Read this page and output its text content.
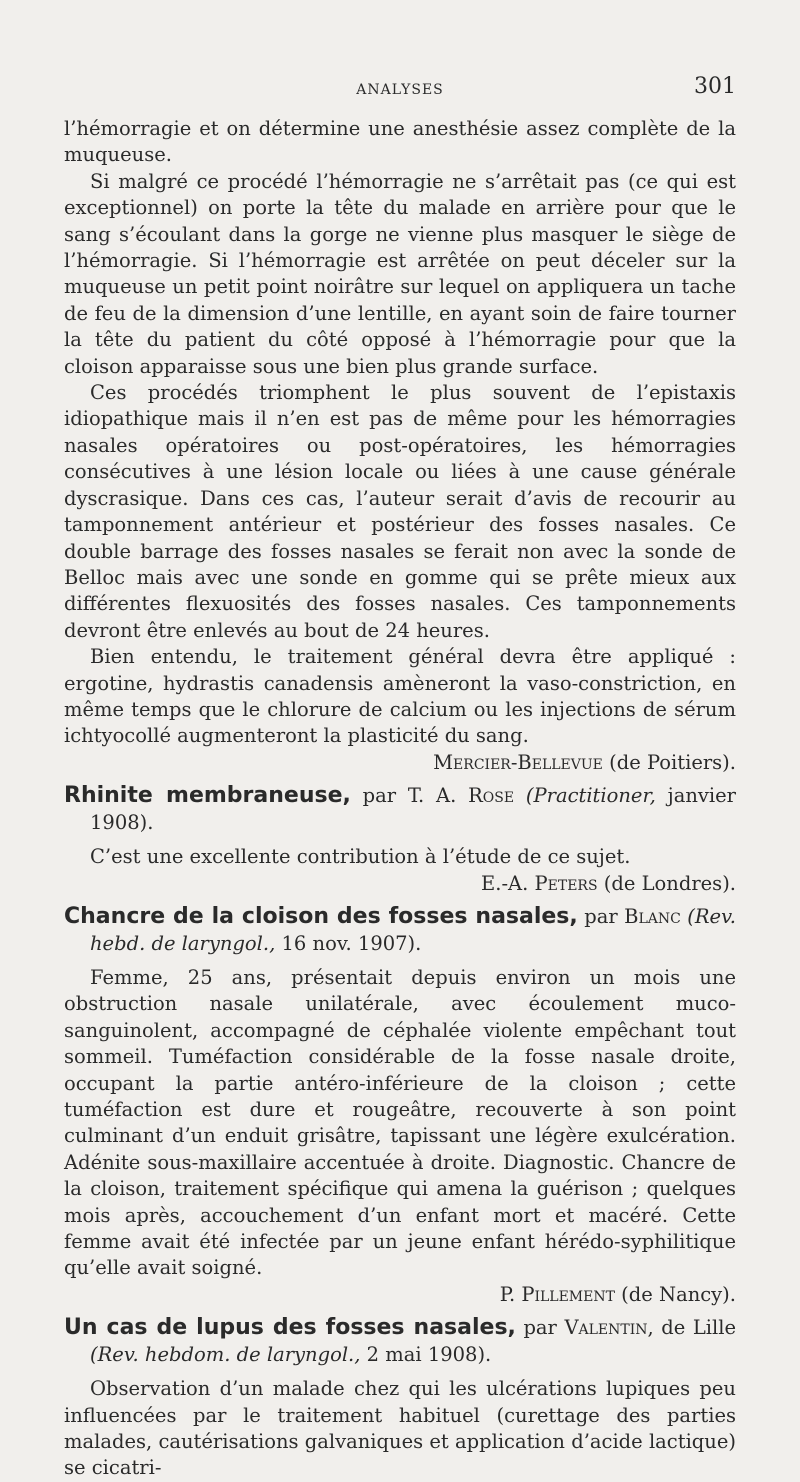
ANALYSES	301

l’hémorragie et on détermine une anesthésie assez complète de la muqueuse.

Si malgré ce procédé l’hémorragie ne s’arrêtait pas (ce qui est exceptionnel) on porte la tête du malade en arrière pour que le sang s’écoulant dans la gorge ne vienne plus masquer le siège de l’hémorragie. Si l’hémorragie est arrêtée on peut déceler sur la muqueuse un petit point noirâtre sur lequel on appliquera un tache de feu de la dimension d’une lentille, en ayant soin de faire tourner la tête du patient du côté opposé à l’hémorragie pour que la cloison apparaisse sous une bien plus grande surface.

Ces procédés triomphent le plus souvent de l’epistaxis idiopathique mais il n’en est pas de même pour les hémorragies nasales opératoires ou post-opératoires, les hémorragies consécutives à une lésion locale ou liées à une cause générale dyscrasique. Dans ces cas, l’auteur serait d’avis de recourir au tamponnement antérieur et postérieur des fosses nasales. Ce double barrage des fosses nasales se ferait non avec la sonde de Belloc mais avec une sonde en gomme qui se prête mieux aux différentes flexuosités des fosses nasales. Ces tamponnements devront être enlevés au bout de 24 heures.

Bien entendu, le traitement général devra être appliqué : ergotine, hydrastis canadensis amèneront la vaso-constriction, en même temps que le chlorure de calcium ou les injections de sérum ichtyocollé augmenteront la plasticité du sang.

Mercier-Bellevue (de Poitiers).

Rhinite membraneuse, par T. A. Rose (Practitioner, janvier 1908).

C’est une excellente contribution à l’étude de ce sujet.

E.-A. Peters (de Londres).

Chancre de la cloison des fosses nasales, par Blanc (Rev. hebd. de laryngol., 16 nov. 1907).

Femme, 25 ans, présentait depuis environ un mois une obstruction nasale unilatérale, avec écoulement muco-sanguinolent, accompagné de céphalée violente empêchant tout sommeil. Tuméfaction considérable de la fosse nasale droite, occupant la partie antéro-inférieure de la cloison ; cette tuméfaction est dure et rougeâtre, recouverte à son point culminant d’un enduit grisâtre, tapissant une légère exulcération. Adénite sous-maxillaire accentuée à droite. Diagnostic. Chancre de la cloison, traitement spécifique qui amena la guérison ; quelques mois après, accouchement d’un enfant mort et macéré. Cette femme avait été infectée par un jeune enfant hérédo-syphilitique qu’elle avait soigné.

P. Pillement (de Nancy).

Un cas de lupus des fosses nasales, par Valentin, de Lille (Rev. hebdom. de laryngol., 2 mai 1908).

Observation d’un malade chez qui les ulcérations lupiques peu influencées par le traitement habituel (curettage des parties malades, cautérisations galvaniques et application d’acide lactique) se cicatri-
